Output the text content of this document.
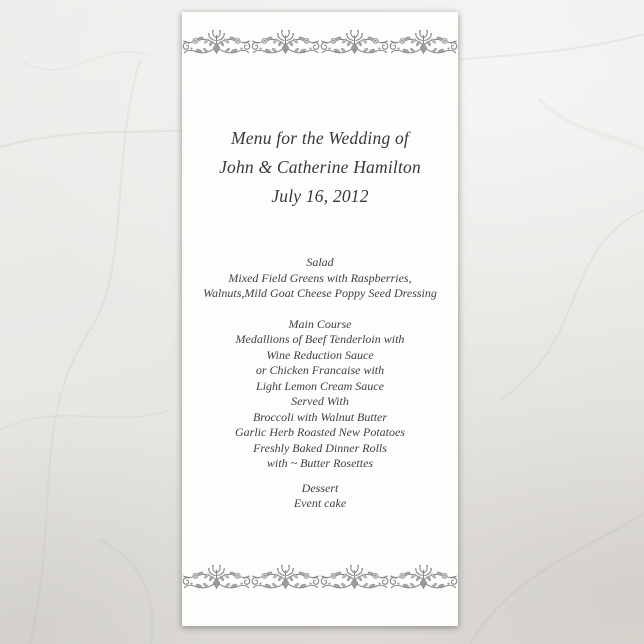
Menu for the Wedding of
John & Catherine Hamilton
July 16, 2012
Salad
Mixed Field Greens with Raspberries,
Walnuts,Mild Goat Cheese Poppy Seed Dressing
Main Course
Medallions of Beef Tenderloin with
Wine Reduction Sauce
or Chicken Francaise with
Light Lemon Cream Sauce
Served With
Broccoli with Walnut Butter
Garlic Herb Roasted New Potatoes
Freshly Baked Dinner Rolls
with ~ Butter Rosettes
Dessert
Event cake
